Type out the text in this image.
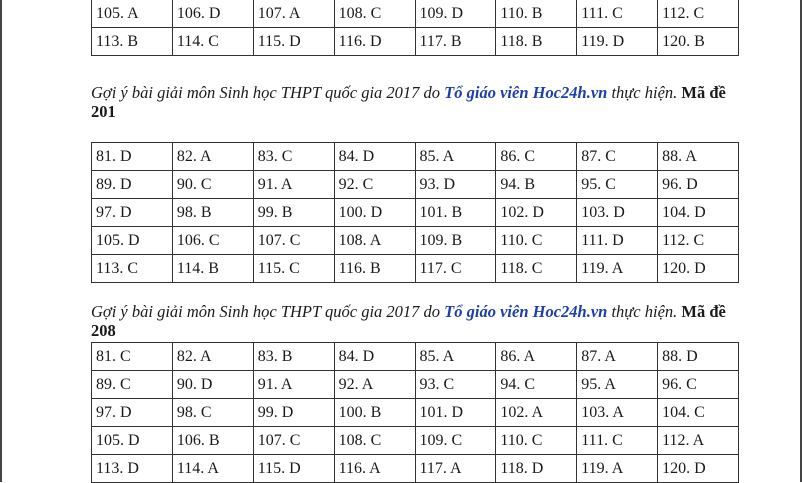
105. A	106. D	107. A	108. C	109. D	110. B	111. C	112. C
113. B	114. C	115. D	116. D	117. B	118. B	119. D	120. B
Gợi ý bài giải môn Sinh học THPT quốc gia 2017 do Tổ giáo viên Hoc24h.vn thực hiện. Mã đề 201
81. D	82. A	83. C	84. D	85. A	86. C	87. C	88. A
89. D	90. C	91. A	92. C	93. D	94. B	95. C	96. D
97. D	98. B	99. B	100. D	101. B	102. D	103. D	104. D
105. D	106. C	107. C	108. A	109. B	110. C	111. D	112. C
113. C	114. B	115. C	116. B	117. C	118. C	119. A	120. D
Gợi ý bài giải môn Sinh học THPT quốc gia 2017 do Tổ giáo viên Hoc24h.vn thực hiện. Mã đề 208
81. C	82. A	83. B	84. D	85. A	86. A	87. A	88. D
89. C	90. D	91. A	92. A	93. C	94. C	95. A	96. C
97. D	98. C	99. D	100. B	101. D	102. A	103. A	104. C
105. D	106. B	107. C	108. C	109. C	110. C	111. C	112. A
113. D	114. A	115. D	116. A	117. A	118. D	119. A	120. D
